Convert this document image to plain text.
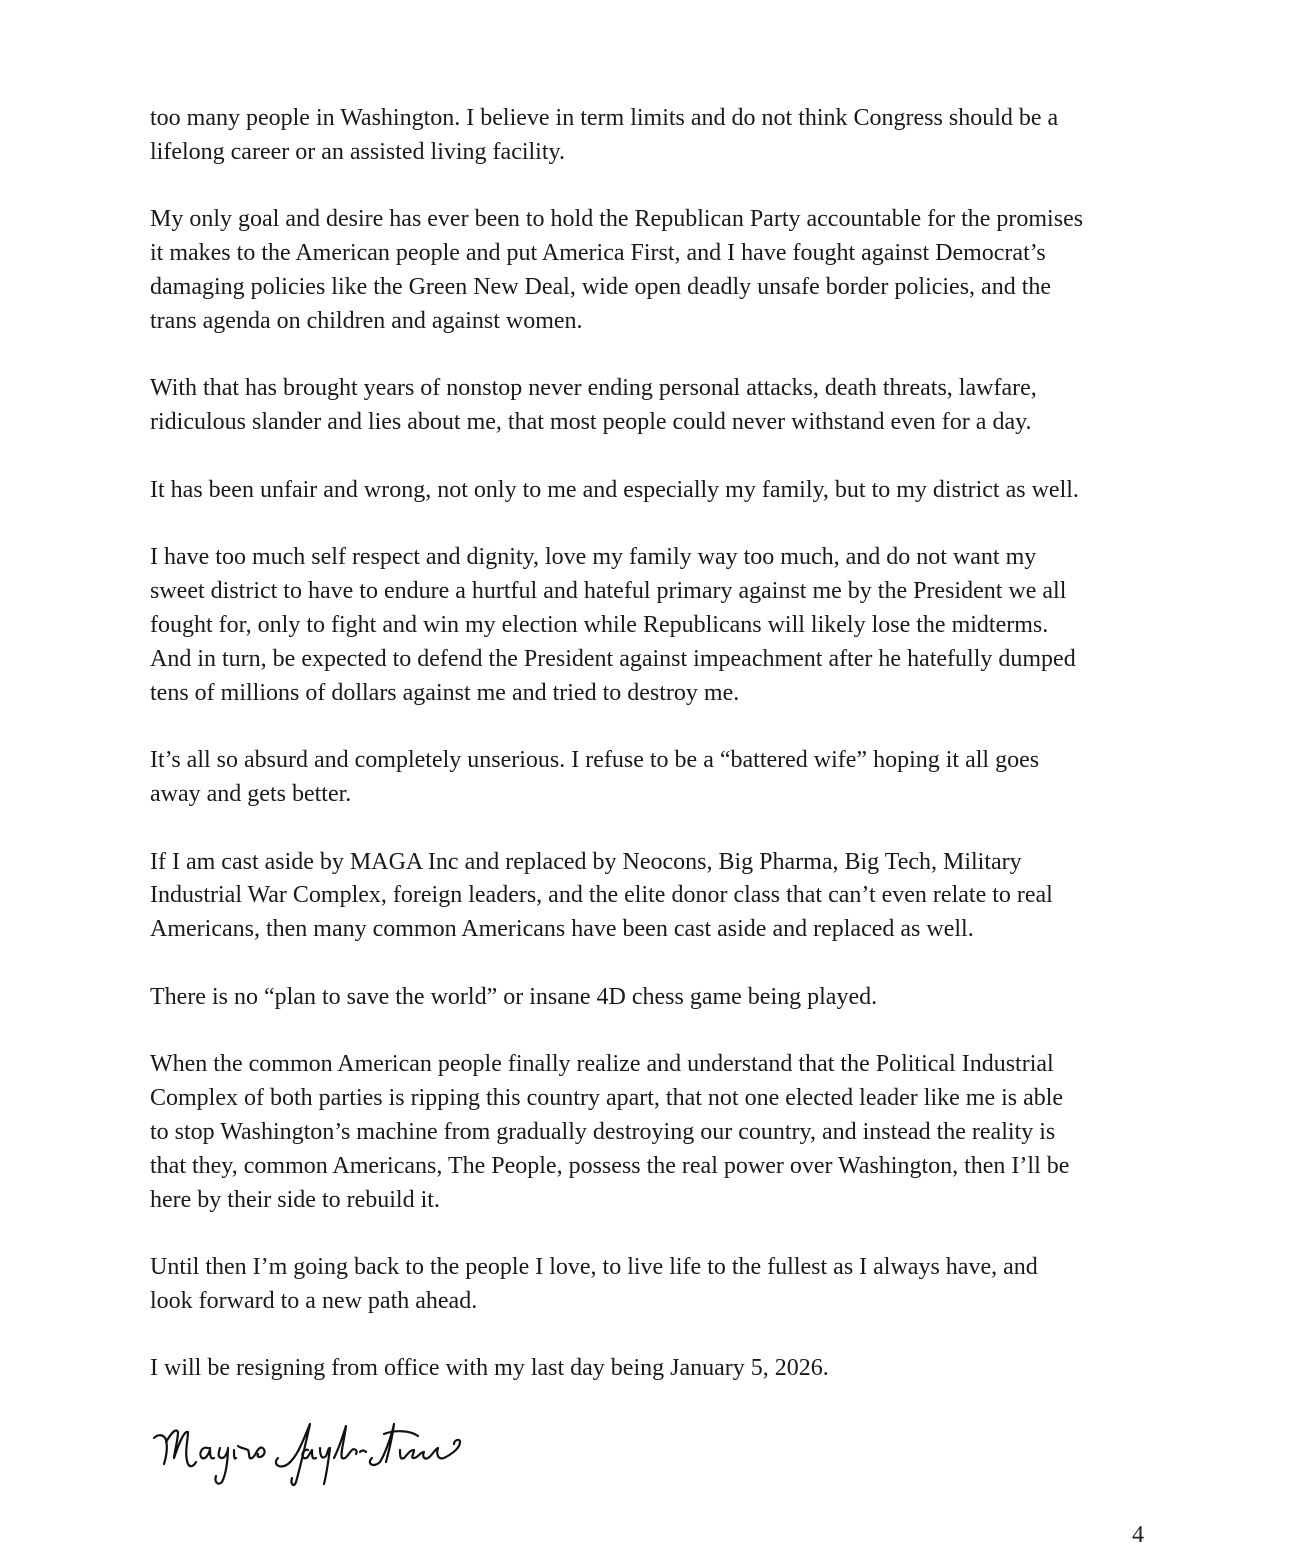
too many people in Washington. I believe in term limits and do not think Congress should be a
lifelong career or an assisted living facility.

My only goal and desire has ever been to hold the Republican Party accountable for the promises
it makes to the American people and put America First, and I have fought against Democrat’s
damaging policies like the Green New Deal, wide open deadly unsafe border policies, and the
trans agenda on children and against women.

With that has brought years of nonstop never ending personal attacks, death threats, lawfare,
ridiculous slander and lies about me, that most people could never withstand even for a day.

It has been unfair and wrong, not only to me and especially my family, but to my district as well.

I have too much self respect and dignity, love my family way too much, and do not want my
sweet district to have to endure a hurtful and hateful primary against me by the President we all
fought for, only to fight and win my election while Republicans will likely lose the midterms.
And in turn, be expected to defend the President against impeachment after he hatefully dumped
tens of millions of dollars against me and tried to destroy me.

It’s all so absurd and completely unserious. I refuse to be a “battered wife” hoping it all goes
away and gets better.

If I am cast aside by MAGA Inc and replaced by Neocons, Big Pharma, Big Tech, Military
Industrial War Complex, foreign leaders, and the elite donor class that can’t even relate to real
Americans, then many common Americans have been cast aside and replaced as well.

There is no “plan to save the world” or insane 4D chess game being played.

When the common American people finally realize and understand that the Political Industrial
Complex of both parties is ripping this country apart, that not one elected leader like me is able
to stop Washington’s machine from gradually destroying our country, and instead the reality is
that they, common Americans, The People, possess the real power over Washington, then I’ll be
here by their side to rebuild it.

Until then I’m going back to the people I love, to live life to the fullest as I always have, and
look forward to a new path ahead.

I will be resigning from office with my last day being January 5, 2026.

4
